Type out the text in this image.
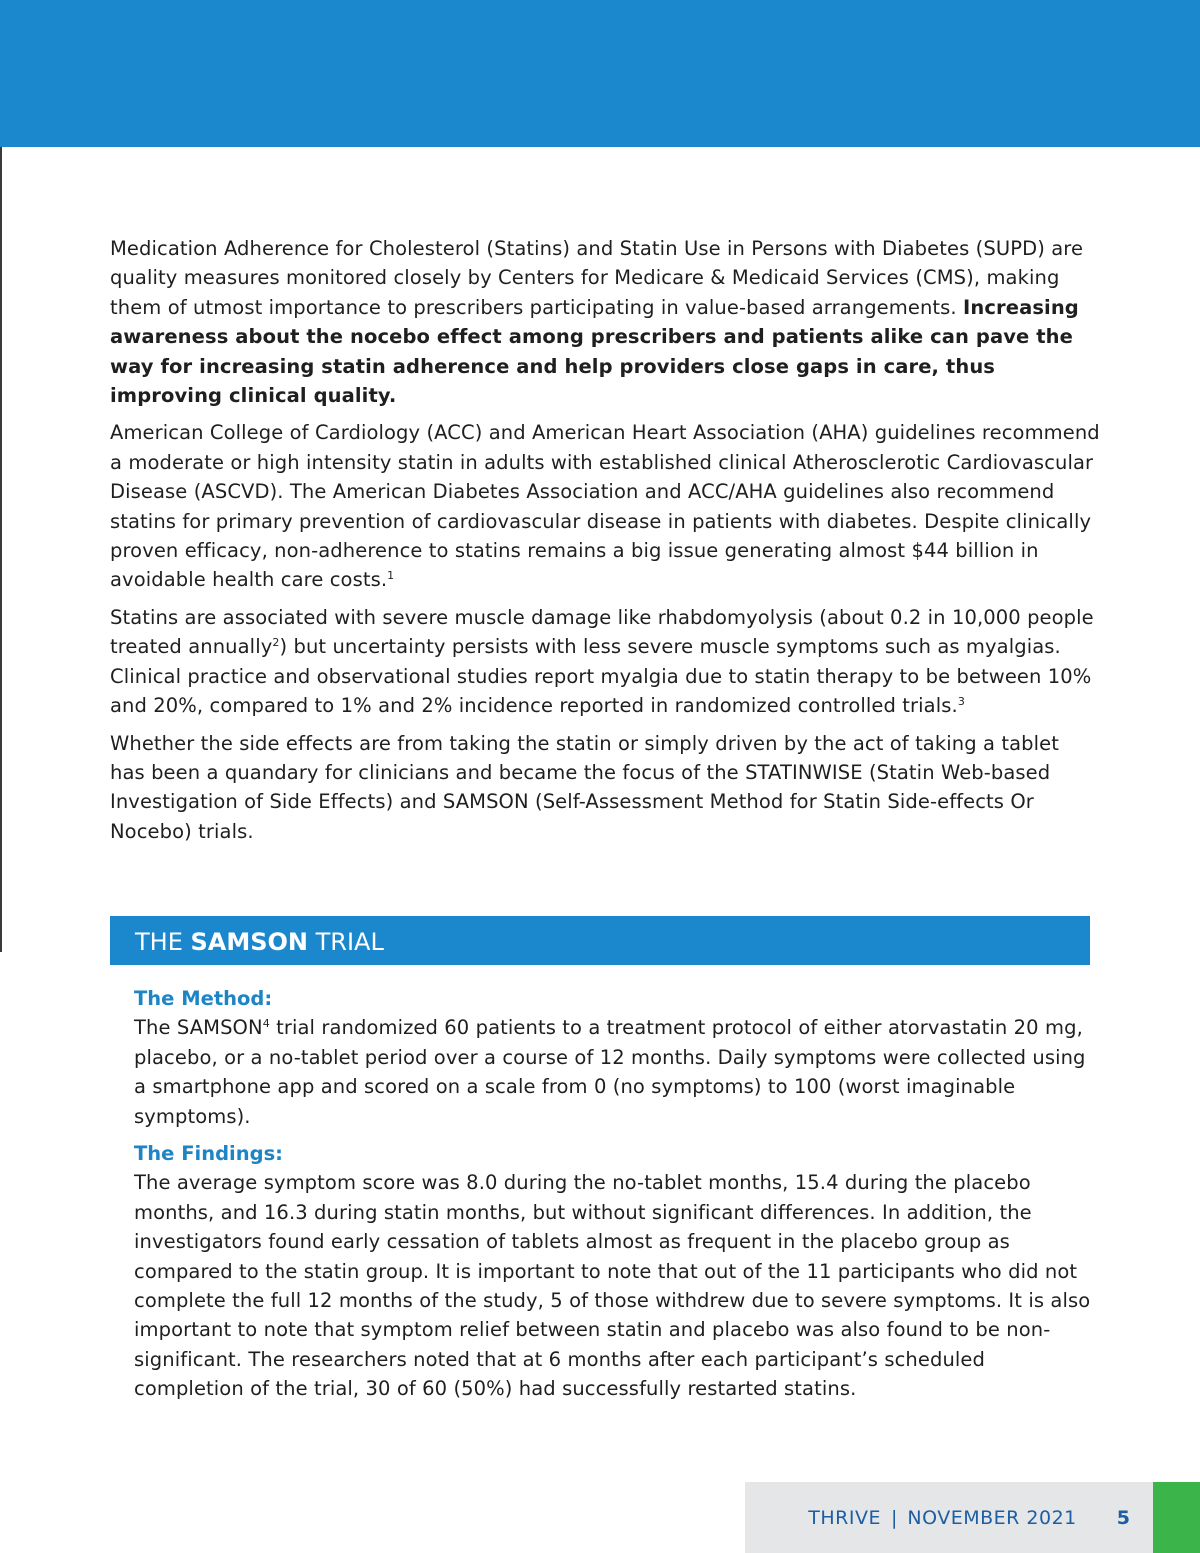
Medication Adherence for Cholesterol (Statins) and Statin Use in Persons with Diabetes (SUPD) are quality measures monitored closely by Centers for Medicare & Medicaid Services (CMS), making them of utmost importance to prescribers participating in value-based arrangements. Increasing awareness about the nocebo effect among prescribers and patients alike can pave the way for increasing statin adherence and help providers close gaps in care, thus improving clinical quality.

American College of Cardiology (ACC) and American Heart Association (AHA) guidelines recommend a moderate or high intensity statin in adults with established clinical Atherosclerotic Cardiovascular Disease (ASCVD). The American Diabetes Association and ACC/AHA guidelines also recommend statins for primary prevention of cardiovascular disease in patients with diabetes. Despite clinically proven efficacy, non-adherence to statins remains a big issue generating almost $44 billion in avoidable health care costs.$^1$

Statins are associated with severe muscle damage like rhabdomyolysis (about 0.2 in 10,000 people treated annually$^2$) but uncertainty persists with less severe muscle symptoms such as myalgias. Clinical practice and observational studies report myalgia due to statin therapy to be between 10% and 20%, compared to 1% and 2% incidence reported in randomized controlled trials.$^3$

Whether the side effects are from taking the statin or simply driven by the act of taking a tablet has been a quandary for clinicians and became the focus of the STATINWISE (Statin Web-based Investigation of Side Effects) and SAMSON (Self-Assessment Method for Statin Side-effects Or Nocebo) trials.

THE SAMSON TRIAL
The Method:

The SAMSON$^4$ trial randomized 60 patients to a treatment protocol of either atorvastatin 20 mg, placebo, or a no-tablet period over a course of 12 months. Daily symptoms were collected using a smartphone app and scored on a scale from 0 (no symptoms) to 100 (worst imaginable symptoms).

The Findings:

The average symptom score was 8.0 during the no-tablet months, 15.4 during the placebo months, and 16.3 during statin months, but without significant differences. In addition, the investigators found early cessation of tablets almost as frequent in the placebo group as compared to the statin group. It is important to note that out of the 11 participants who did not complete the full 12 months of the study, 5 of those withdrew due to severe symptoms. It is also important to note that symptom relief between statin and placebo was also found to be non-significant. The researchers noted that at 6 months after each participant’s scheduled completion of the trial, 30 of 60 (50%) had successfully restarted statins.

THRIVE | NOVEMBER 2021 5
